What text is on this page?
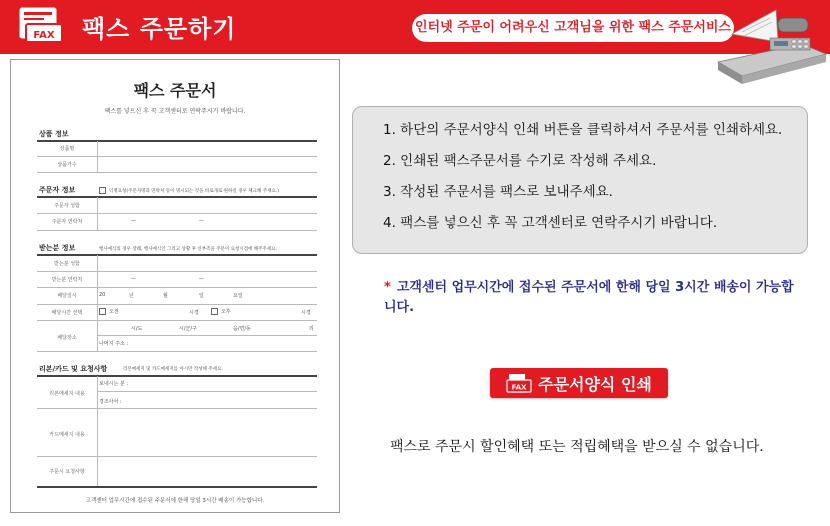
FAX 팩스 주문하기	인터넷 주문이 어려우신 고객님을 위한 팩스 주문서비스
팩스 주문서
팩스를 넣으신 후 꼭 고객센터로 연락주시기 바랍니다.
상품 정보
상품명
상품가수
주문자 정보	익명요청(주문자명과 연락처 등이 명시되는 것을 바로개로 원하실 경우 체크해 주세요.)
주문자 성함
주문자 연락처	—	—
받는분 정보	행사예식의 경우 장례, 행사예식인 그리고 상황 후 신부측을 주문이 요청시점에 해주주세요.
받는분 성함
받는분 연락처	—	—
배달일시	20	년	월	일	요일
배달시간 선택	오전	시경	오후	시경
배달장소
시/도	시/군/구	읍/면/동	리
나머지 주소 :
리본/카드 및 요청사항	리본메세지 및 카드메세지를 아시만 작성해 주세요.
리본메세지 내용
보내시는 분 :
경조사어 :
카드메세지 내용
주문시 요청사항
고객센터 업무시간에 접수된 주문서에 한해 당일 3시간 배송이 가능합니다.
1. 하단의 주문서양식 인쇄 버튼을 클릭하셔서 주문서를 인쇄하세요.
2. 인쇄된 팩스주문서를 수기로 작성해 주세요.
3. 작성된 주문서를 팩스로 보내주세요.
4. 팩스를 넣으신 후 꼭 고객센터로 연락주시기 바랍니다.
* 고객센터 업무시간에 접수된 주문서에 한해 당일 3시간 배송이 가능합니다.
FAX 주문서양식 인쇄
팩스로 주문시 할인혜택 또는 적립혜택을 받으실 수 없습니다.
